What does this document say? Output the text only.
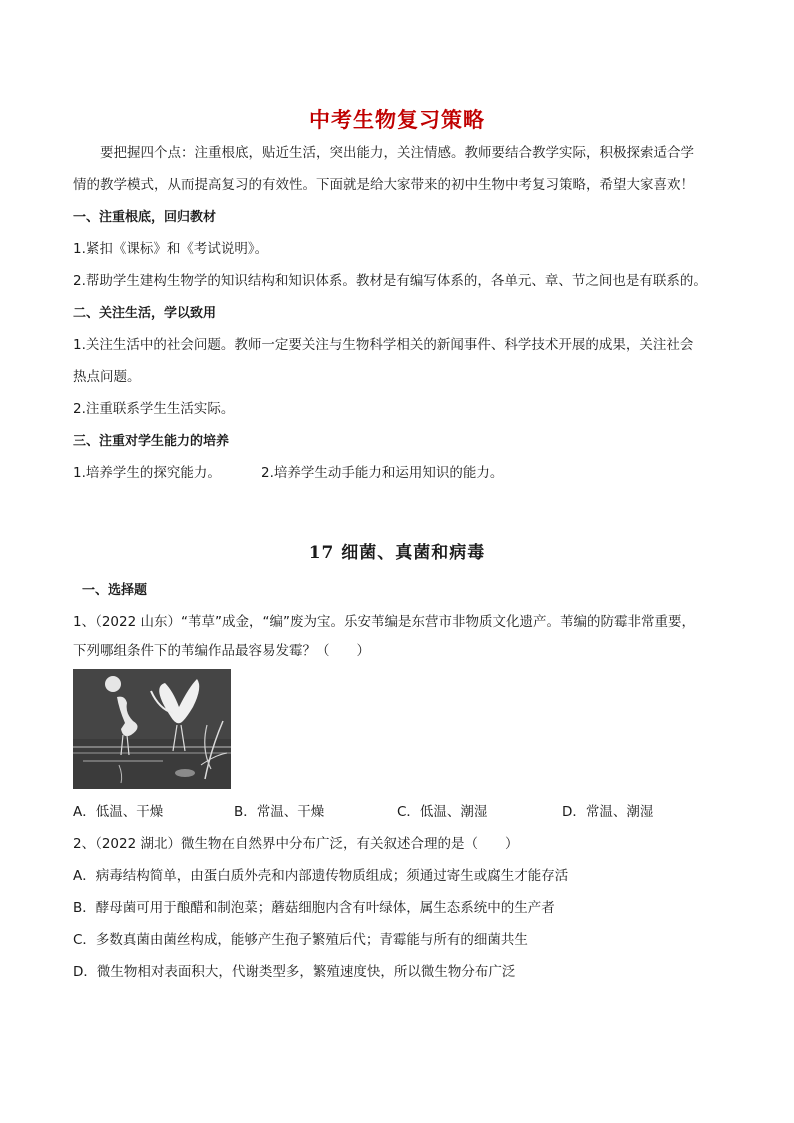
中考生物复习策略
要把握四个点：注重根底，贴近生活，突出能力，关注情感。教师要结合教学实际，积极探索适合学
情的教学模式，从而提高复习的有效性。下面就是给大家带来的初中生物中考复习策略，希望大家喜欢！
一、注重根底，回归教材
1.紧扣《课标》和《考试说明》。
2.帮助学生建构生物学的知识结构和知识体系。教材是有编写体系的，各单元、章、节之间也是有联系的。
二、关注生活，学以致用
1.关注生活中的社会问题。教师一定要关注与生物科学相关的新闻事件、科学技术开展的成果，关注社会
热点问题。
2.注重联系学生生活实际。
三、注重对学生能力的培养
1.培养学生的探究能力。	2.培养学生动手能力和运用知识的能力。
17 细菌、真菌和病毒
一、选择题
1、（2022 山东）“苇草”成金，“编”废为宝。乐安苇编是东营市非物质文化遗产。苇编的防霉非常重要，
下列哪组条件下的苇编作品最容易发霉？（　　）
A．低温、干燥	B．常温、干燥	C．低温、潮湿	D．常温、潮湿
2、（2022 湖北）微生物在自然界中分布广泛，有关叙述合理的是（　　）
A．病毒结构简单，由蛋白质外壳和内部遗传物质组成；须通过寄生或腐生才能存活
B．酵母菌可用于酿醋和制泡菜；蘑菇细胞内含有叶绿体，属生态系统中的生产者
C．多数真菌由菌丝构成，能够产生孢子繁殖后代；青霉能与所有的细菌共生
D．微生物相对表面积大，代谢类型多，繁殖速度快，所以微生物分布广泛
